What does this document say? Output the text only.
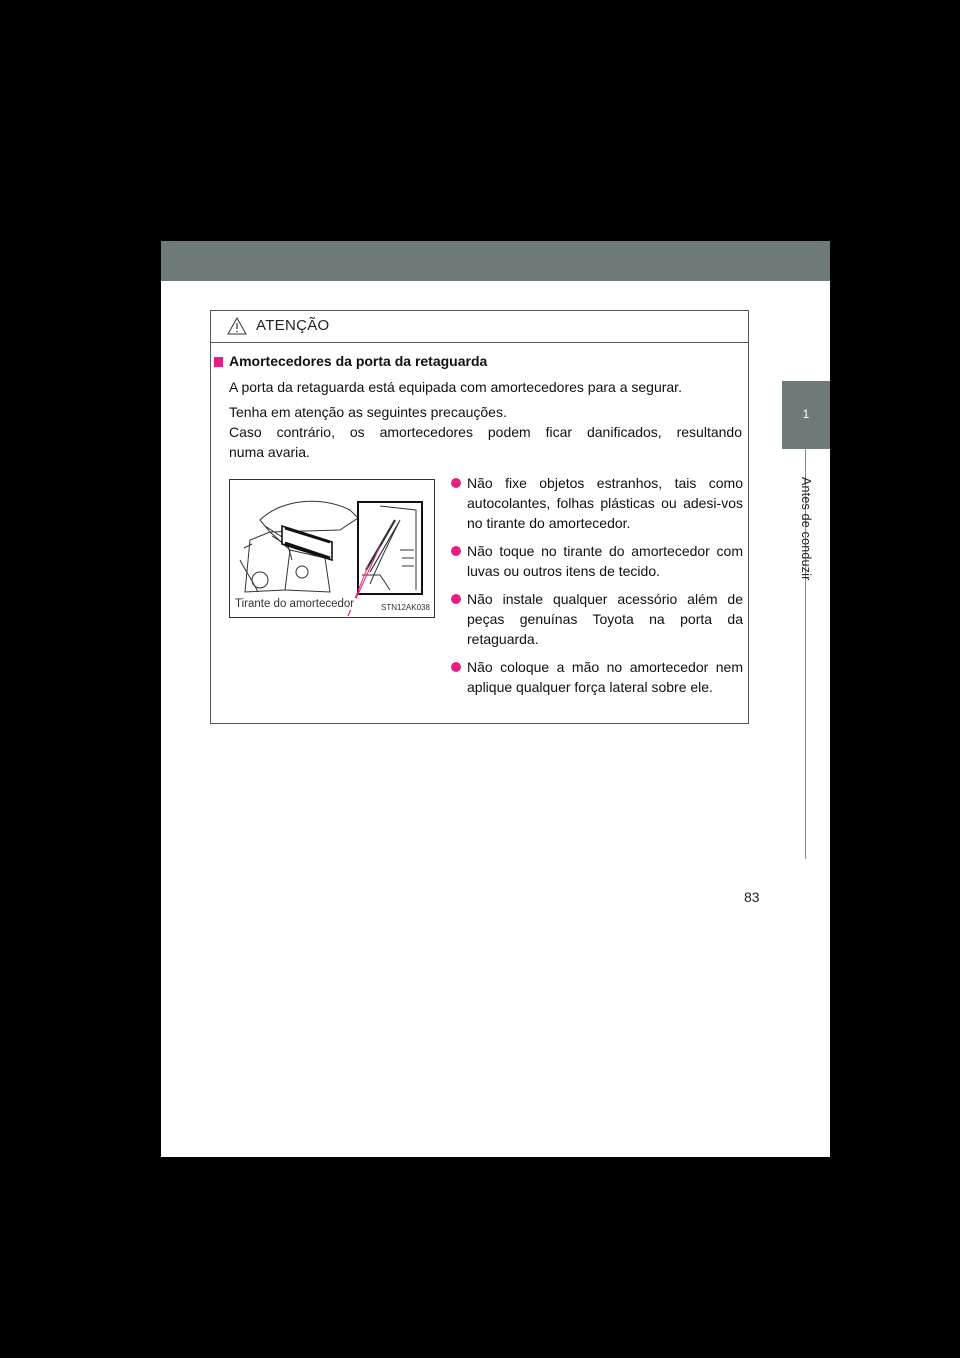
1
Antes de conduzir
ATENÇÃO
Amortecedores da porta da retaguarda
A porta da retaguarda está equipada com amortecedores para a segurar.
Tenha em atenção as seguintes precauções.
Caso contrário, os amortecedores podem ficar danificados, resultando
numa avaria.
Tirante do amortecedor	STN12AK038
Não fixe objetos estranhos, tais como autocolantes, folhas plásticas ou adesi-vos no tirante do amortecedor.
Não toque no tirante do amortecedor com luvas ou outros itens de tecido.
Não instale qualquer acessório além de peças genuínas Toyota na porta da retaguarda.
Não coloque a mão no amortecedor nem aplique qualquer força lateral sobre ele.
83
